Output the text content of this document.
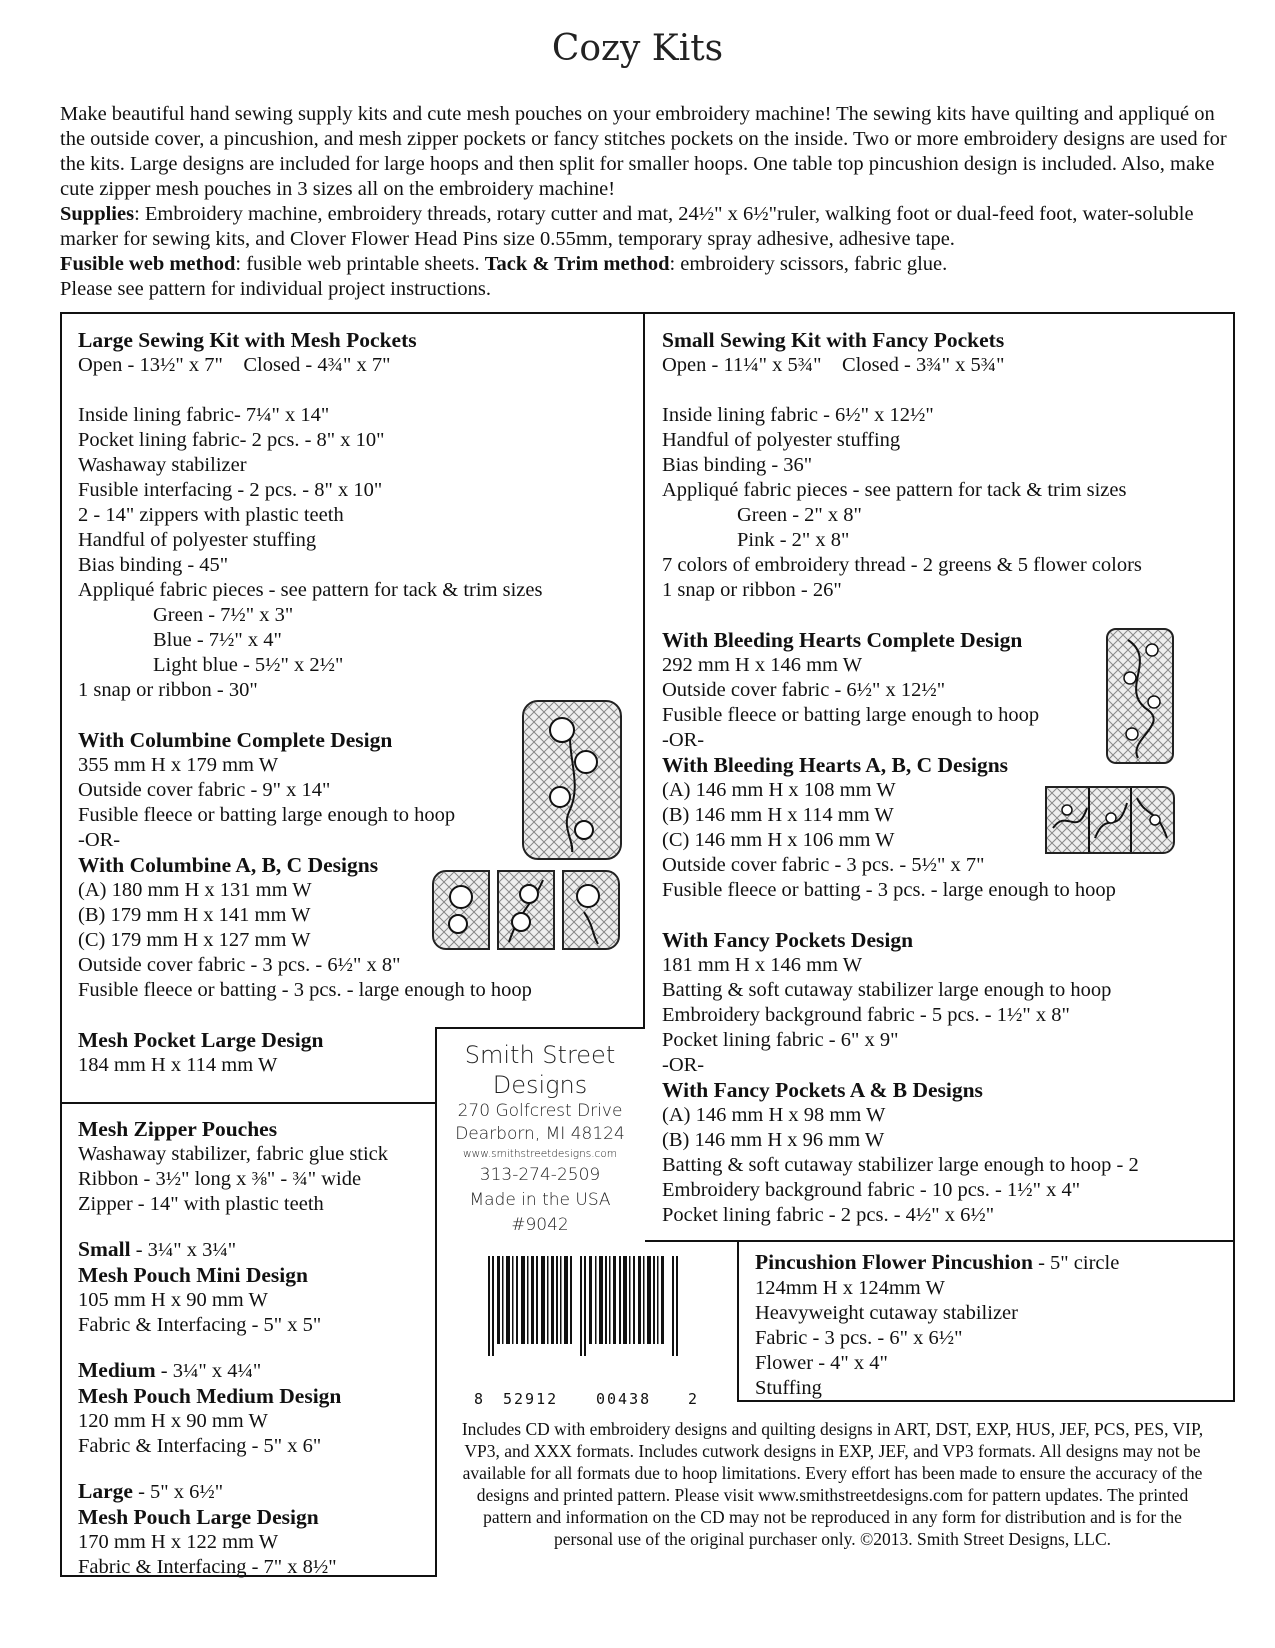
Cozy Kits

Make beautiful hand sewing supply kits and cute mesh pouches on your embroidery machine! The sewing kits have quilting and appliqué on the outside cover, a pincushion, and mesh zipper pockets or fancy stitches pockets on the inside. Two or more embroidery designs are used for the kits. Large designs are included for large hoops and then split for smaller hoops. One table top pincushion design is included. Also, make cute zipper mesh pouches in 3 sizes all on the embroidery machine!

Supplies: Embroidery machine, embroidery threads, rotary cutter and mat, 24½" x 6½"ruler, walking foot or dual-feed foot, water-soluble marker for sewing kits, and Clover Flower Head Pins size 0.55mm, temporary spray adhesive, adhesive tape.

Fusible web method: fusible web printable sheets. Tack & Trim method: embroidery scissors, fabric glue.

Please see pattern for individual project instructions.

Large Sewing Kit with Mesh Pockets
Open - 13½" x 7"    Closed - 4¾" x 7"
Inside lining fabric- 7¼" x 14"
Pocket lining fabric- 2 pcs. - 8" x 10"
Washaway stabilizer
Fusible interfacing - 2 pcs. - 8" x 10"
2 - 14" zippers with plastic teeth
Handful of polyester stuffing
Bias binding - 45"
Appliqué fabric pieces - see pattern for tack & trim sizes
Green - 7½" x 3"
Blue - 7½" x 4"
Light blue - 5½" x 2½"
1 snap or ribbon - 30"
With Columbine Complete Design
355 mm H x 179 mm W
Outside cover fabric - 9" x 14"
Fusible fleece or batting large enough to hoop
-OR-
With Columbine A, B, C Designs
(A) 180 mm H x 131 mm W
(B) 179 mm H x 141 mm W
(C) 179 mm H x 127 mm W
Outside cover fabric - 3 pcs. - 6½" x 8"
Fusible fleece or batting - 3 pcs. - large enough to hoop
Mesh Pocket Large Design
184 mm H x 114 mm W
Mesh Zipper Pouches
Washaway stabilizer, fabric glue stick
Ribbon - 3½" long x ⅜" - ¾" wide
Zipper - 14" with plastic teeth
Small - 3¼" x 3¼"
Mesh Pouch Mini Design
105 mm H x 90 mm W
Fabric & Interfacing - 5" x 5"
Medium - 3¼" x 4¼"
Mesh Pouch Medium Design
120 mm H x 90 mm W
Fabric & Interfacing - 5" x 6"
Large - 5" x 6½"
Mesh Pouch Large Design
170 mm H x 122 mm W
Fabric & Interfacing - 7" x 8½"
Small Sewing Kit with Fancy Pockets
Open - 11¼" x 5¾"    Closed - 3¾" x 5¾"
Inside lining fabric - 6½" x 12½"
Handful of polyester stuffing
Bias binding - 36"
Appliqué fabric pieces - see pattern for tack & trim sizes
Green - 2" x 8"
Pink - 2" x 8"
7 colors of embroidery thread - 2 greens & 5 flower colors
1 snap or ribbon - 26"
With Bleeding Hearts Complete Design
292 mm H x 146 mm W
Outside cover fabric - 6½" x 12½"
Fusible fleece or batting large enough to hoop
-OR-
With Bleeding Hearts A, B, C Designs
(A) 146 mm H x 108 mm W
(B) 146 mm H x 114 mm W
(C) 146 mm H x 106 mm W
Outside cover fabric - 3 pcs. - 5½" x 7"
Fusible fleece or batting - 3 pcs. - large enough to hoop
With Fancy Pockets Design
181 mm H x 146 mm W
Batting & soft cutaway stabilizer large enough to hoop
Embroidery background fabric - 5 pcs. - 1½" x 8"
Pocket lining fabric - 6" x 9"
-OR-
With Fancy Pockets A & B Designs
(A) 146 mm H x 98 mm W
(B) 146 mm H x 96 mm W
Batting & soft cutaway stabilizer large enough to hoop - 2
Embroidery background fabric - 10 pcs. - 1½" x 4"
Pocket lining fabric - 2 pcs. - 4½" x 6½"
Pincushion Flower Pincushion - 5" circle
124mm H x 124mm W
Heavyweight cutaway stabilizer
Fabric - 3 pcs. - 6" x 6½"
Flower - 4" x 4"
Stuffing
Smith Street
Designs
270 Golfcrest Drive
Dearborn, MI 48124
www.smithstreetdesigns.com
313-274-2509
Made in the USA
#9042
8 52912	00438 2
Includes CD with embroidery designs and quilting designs in ART, DST, EXP, HUS, JEF, PCS, PES, VIP, VP3, and XXX formats. Includes cutwork designs in EXP, JEF, and VP3 formats. All designs may not be available for all formats due to hoop limitations. Every effort has been made to ensure the accuracy of the designs and printed pattern. Please visit www.smithstreetdesigns.com for pattern updates. The printed pattern and information on the CD may not be reproduced in any form for distribution and is for the personal use of the original purchaser only. ©2013. Smith Street Designs, LLC.
